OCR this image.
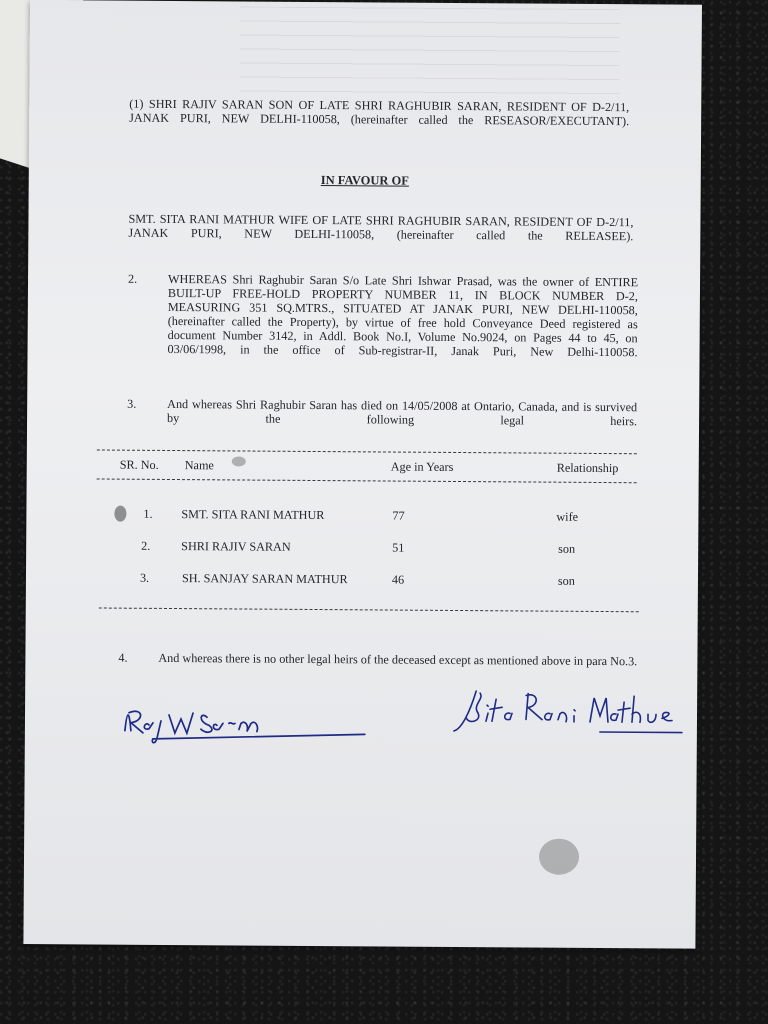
(1) SHRI RAJIV SARAN SON OF LATE SHRI RAGHUBIR SARAN, RESIDENT OF D-2/11, JANAK PURI, NEW DELHI-110058, (hereinafter called the RESEASOR/EXECUTANT).
IN FAVOUR OF
SMT. SITA RANI MATHUR WIFE OF LATE SHRI RAGHUBIR SARAN, RESIDENT OF D-2/11, JANAK PURI, NEW DELHI-110058, (hereinafter called the RELEASEE).
2.	WHEREAS Shri Raghubir Saran S/o Late Shri Ishwar Prasad, was the owner of ENTIRE BUILT-UP FREE-HOLD PROPERTY NUMBER 11, IN BLOCK NUMBER D-2, MEASURING 351 SQ.MTRS., SITUATED AT JANAK PURI, NEW DELHI-110058, (hereinafter called the Property), by virtue of free hold Conveyance Deed registered as document Number 3142, in Addl. Book No.I, Volume No.9024, on Pages 44 to 45, on 03/06/1998, in the office of Sub-registrar-II, Janak Puri, New Delhi-110058.
3.	And whereas Shri Raghubir Saran has died on 14/05/2008 at Ontario, Canada, and is survived by the following legal heirs.
SR. No. Name	Age in Years	Relationship
1. SMT. SITA RANI MATHUR	77	wife
2.	SHRI RAJIV SARAN	51	son
3.	SH. SANJAY SARAN MATHUR	46	son
4.	And whereas there is no other legal heirs of the deceased except as mentioned above in para No.3.
